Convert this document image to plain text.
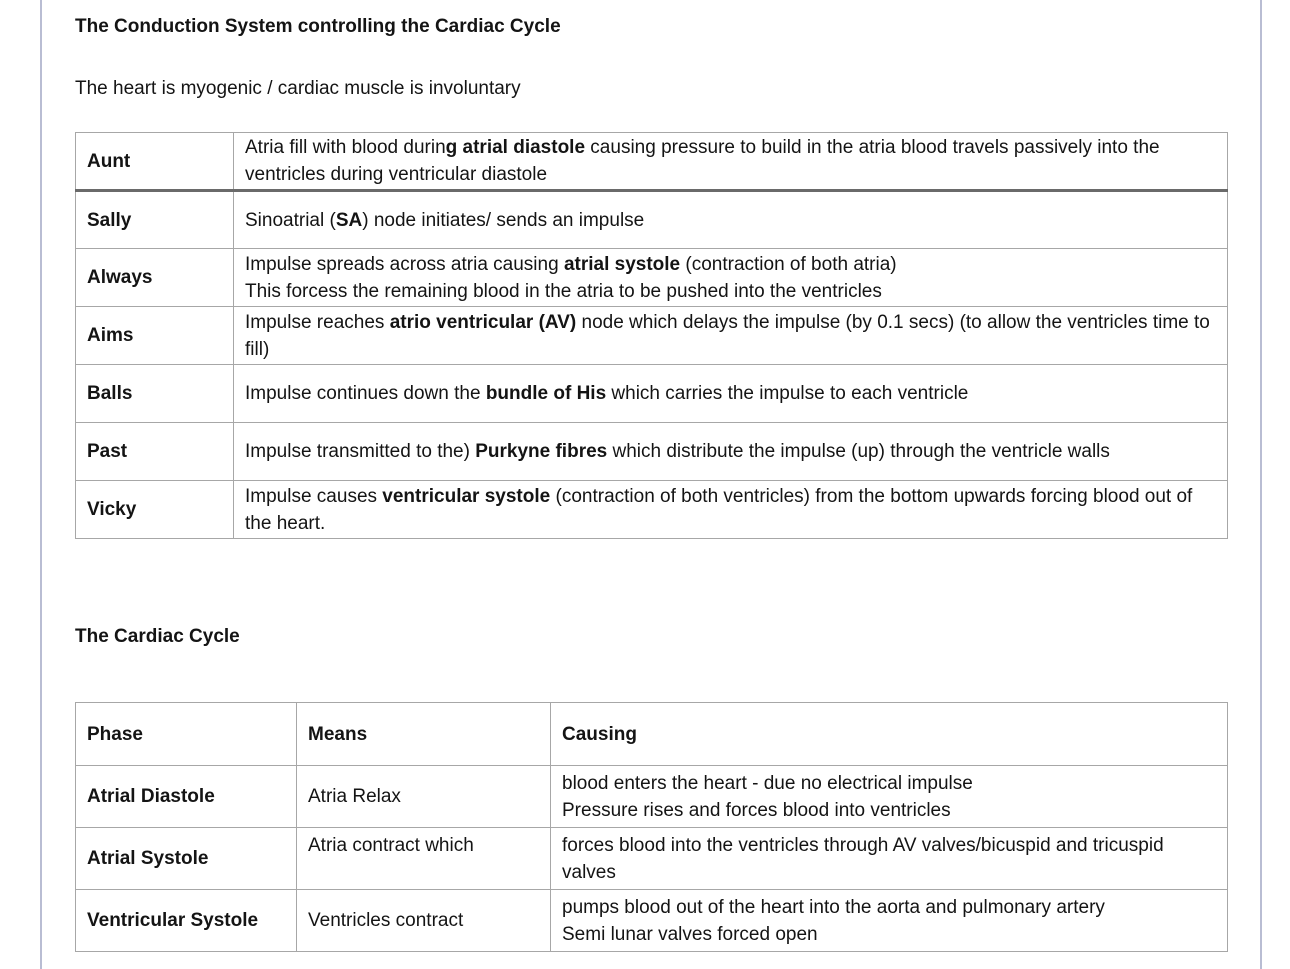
The Conduction System controlling the Cardiac Cycle
The heart is myogenic / cardiac muscle is involuntary
Aunt	Atria fill with blood during atrial diastole causing pressure to build in the atria blood travels passively into the ventricles during ventricular diastole
Sally	Sinoatrial (SA) node initiates/ sends an impulse
Always	Impulse spreads across atria causing atrial systole (contraction of both atria)
This forcess the remaining blood in the atria to be pushed into the ventricles
Aims	Impulse reaches atrio ventricular (AV) node which delays the impulse (by 0.1 secs) (to allow the ventricles time to fill)
Balls	Impulse continues down the bundle of His which carries the impulse to each ventricle
Past	Impulse transmitted to the) Purkyne fibres which distribute the impulse (up) through the ventricle walls
Vicky	Impulse causes ventricular systole (contraction of both ventricles) from the bottom upwards forcing blood out of the heart.
The Cardiac Cycle
Phase	Means	Causing
Atrial Diastole	Atria Relax	blood enters the heart - due no electrical impulse
Pressure rises and forces blood into ventricles
Atrial Systole	Atria contract which	forces blood into the ventricles through AV valves/bicuspid and tricuspid valves
Ventricular Systole	Ventricles contract	pumps blood out of the heart into the aorta and pulmonary artery
Semi lunar valves forced open
